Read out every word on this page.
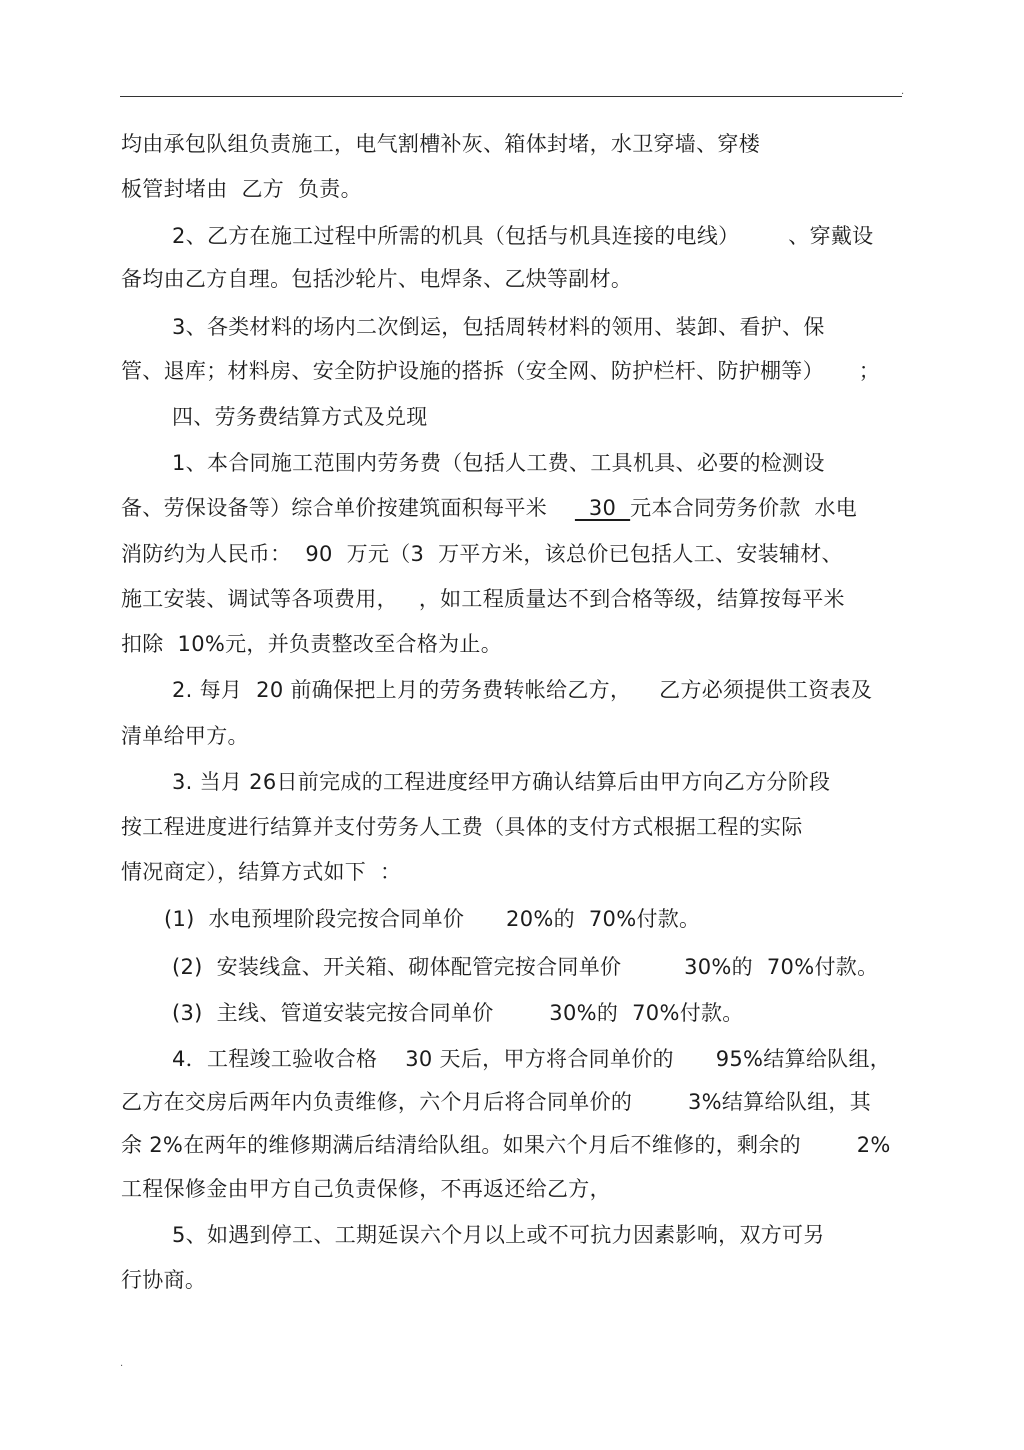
.
均由承包队组负责施工，电气割槽补灰、箱体封堵，水卫穿墙、穿楼
板管封堵由  乙方  负责。
2、乙方在施工过程中所需的机具（包括与机具连接的电线）       、穿戴设
备均由乙方自理。包括沙轮片、电焊条、乙炔等副材。
3、各类材料的场内二次倒运，包括周转材料的领用、装卸、看护、保
管、退库；材料房、安全防护设施的搭拆（安全网、防护栏杆、防护棚等）     ；
四、劳务费结算方式及兑现
1、本合同施工范围内劳务费（包括人工费、工具机具、必要的检测设
备、劳保设备等）综合单价按建筑面积每平米      30  元本合同劳务价款  水电
消防约为人民币：  90  万元（3  万平方米，该总价已包括人工、安装辅材、
施工安装、调试等各项费用，   ，如工程质量达不到合格等级，结算按每平米
扣除  10%元，并负责整改至合格为止。
2. 每月  20 前确保把上月的劳务费转帐给乙方，    乙方必须提供工资表及
清单给甲方。
3. 当月 26日前完成的工程进度经甲方确认结算后由甲方向乙方分阶段
按工程进度进行结算并支付劳务人工费（具体的支付方式根据工程的实际
情况商定），结算方式如下  ：
(1)  水电预埋阶段完按合同单价      20%的  70%付款。
(2)  安装线盒、开关箱、砌体配管完按合同单价         30%的  70%付款。
(3)  主线、管道安装完按合同单价        30%的  70%付款。
4．工程竣工验收合格    30 天后，甲方将合同单价的      95%结算给队组，
乙方在交房后两年内负责维修，六个月后将合同单价的        3%结算给队组，其
余 2%在两年的维修期满后结清给队组。如果六个月后不维修的，剩余的        2%
工程保修金由甲方自己负责保修，不再返还给乙方，
5、如遇到停工、工期延误六个月以上或不可抗力因素影响，双方可另
行协商。
.
